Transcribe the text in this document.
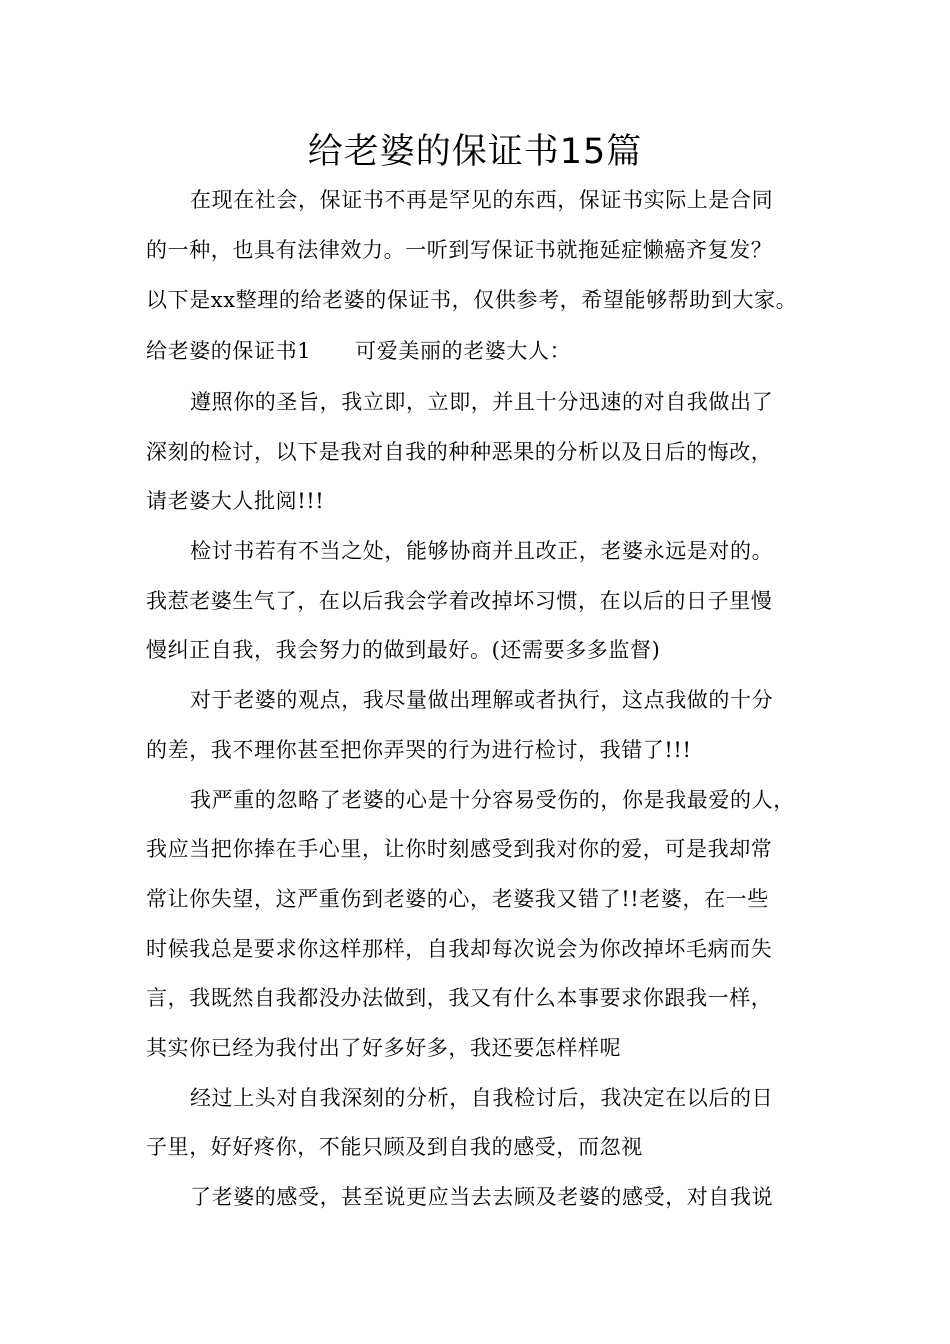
给老婆的保证书15篇
在现在社会，保证书不再是罕见的东西，保证书实际上是合同
的一种，也具有法律效力。一听到写保证书就拖延症懒癌齐复发？
以下是xx整理的给老婆的保证书，仅供参考，希望能够帮助到大家。
给老婆的保证书1 可爱美丽的老婆大人：
遵照你的圣旨，我立即，立即，并且十分迅速的对自我做出了
深刻的检讨，以下是我对自我的种种恶果的分析以及日后的悔改，
请老婆大人批阅!!!
检讨书若有不当之处，能够协商并且改正，老婆永远是对的。
我惹老婆生气了，在以后我会学着改掉坏习惯，在以后的日子里慢
慢纠正自我，我会努力的做到最好。(还需要多多监督)
对于老婆的观点，我尽量做出理解或者执行，这点我做的十分
的差，我不理你甚至把你弄哭的行为进行检讨，我错了!!!
我严重的忽略了老婆的心是十分容易受伤的，你是我最爱的人，
我应当把你捧在手心里，让你时刻感受到我对你的爱，可是我却常
常让你失望，这严重伤到老婆的心，老婆我又错了!!老婆，在一些
时候我总是要求你这样那样，自我却每次说会为你改掉坏毛病而失
言，我既然自我都没办法做到，我又有什么本事要求你跟我一样，
其实你已经为我付出了好多好多，我还要怎样样呢
经过上头对自我深刻的分析，自我检讨后，我决定在以后的日
子里，好好疼你，不能只顾及到自我的感受，而忽视
了老婆的感受，甚至说更应当去去顾及老婆的感受，对自我说
